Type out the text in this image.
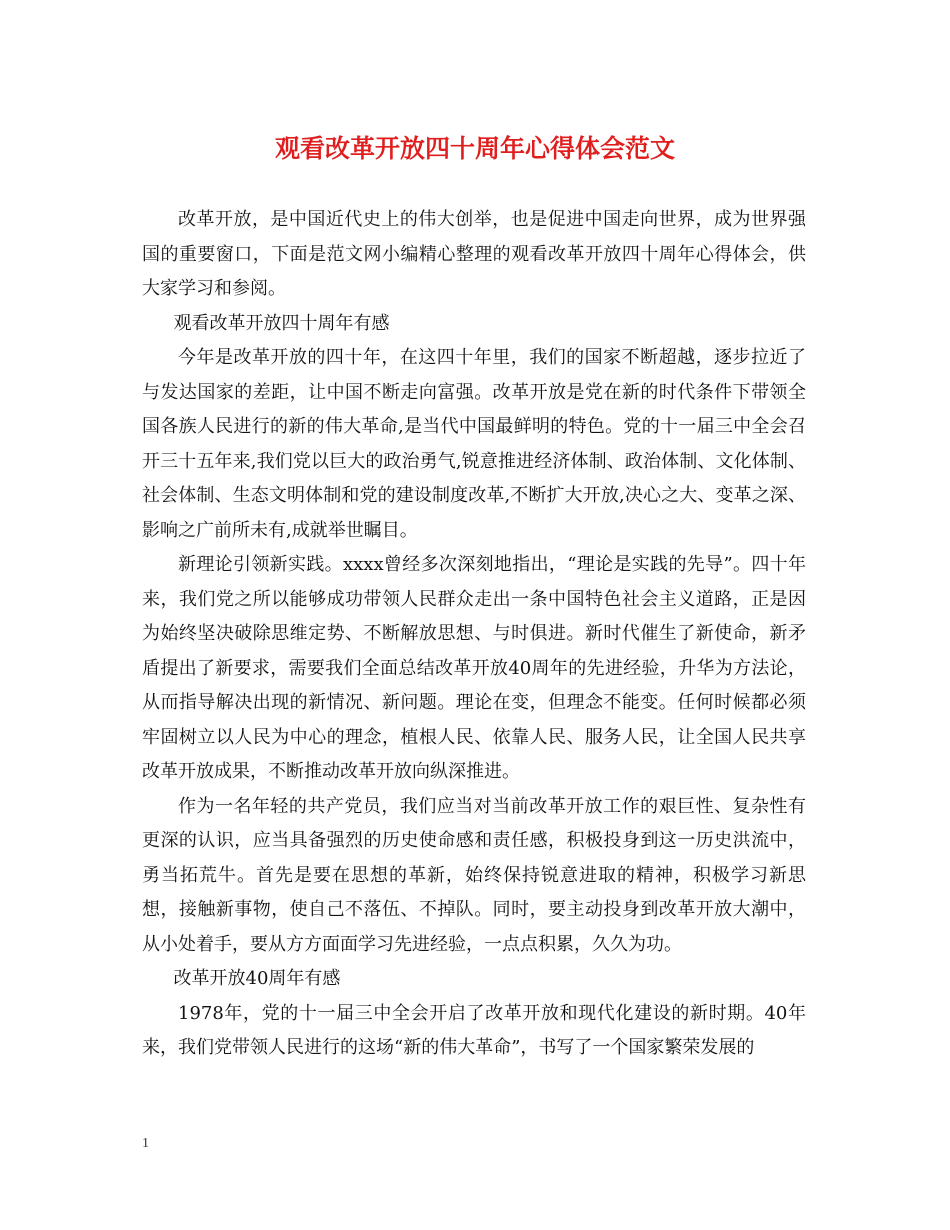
观看改革开放四十周年心得体会范文

改革开放，是中国近代史上的伟大创举，也是促进中国走向世界，成为世界强国的重要窗口，下面是范文网小编精心整理的观看改革开放四十周年心得体会，供大家学习和参阅。

观看改革开放四十周年有感

今年是改革开放的四十年，在这四十年里，我们的国家不断超越，逐步拉近了与发达国家的差距，让中国不断走向富强。改革开放是党在新的时代条件下带领全国各族人民进行的新的伟大革命,是当代中国最鲜明的特色。党的十一届三中全会召开三十五年来,我们党以巨大的政治勇气,锐意推进经济体制、政治体制、文化体制、社会体制、生态文明体制和党的建设制度改革,不断扩大开放,决心之大、变革之深、影响之广前所未有,成就举世瞩目。

新理论引领新实践。xxxx曾经多次深刻地指出，“理论是实践的先导”。四十年来，我们党之所以能够成功带领人民群众走出一条中国特色社会主义道路，正是因为始终坚决破除思维定势、不断解放思想、与时俱进。新时代催生了新使命，新矛盾提出了新要求，需要我们全面总结改革开放40周年的先进经验，升华为方法论，从而指导解决出现的新情况、新问题。理论在变，但理念不能变。任何时候都必须牢固树立以人民为中心的理念，植根人民、依靠人民、服务人民，让全国人民共享改革开放成果，不断推动改革开放向纵深推进。

作为一名年轻的共产党员，我们应当对当前改革开放工作的艰巨性、复杂性有更深的认识，应当具备强烈的历史使命感和责任感，积极投身到这一历史洪流中，勇当拓荒牛。首先是要在思想的革新，始终保持锐意进取的精神，积极学习新思想，接触新事物，使自己不落伍、不掉队。同时，要主动投身到改革开放大潮中，从小处着手，要从方方面面学习先进经验，一点点积累，久久为功。

改革开放40周年有感

1978年，党的十一届三中全会开启了改革开放和现代化建设的新时期。40年来，我们党带领人民进行的这场“新的伟大革命”，书写了一个国家繁荣发展的

1
